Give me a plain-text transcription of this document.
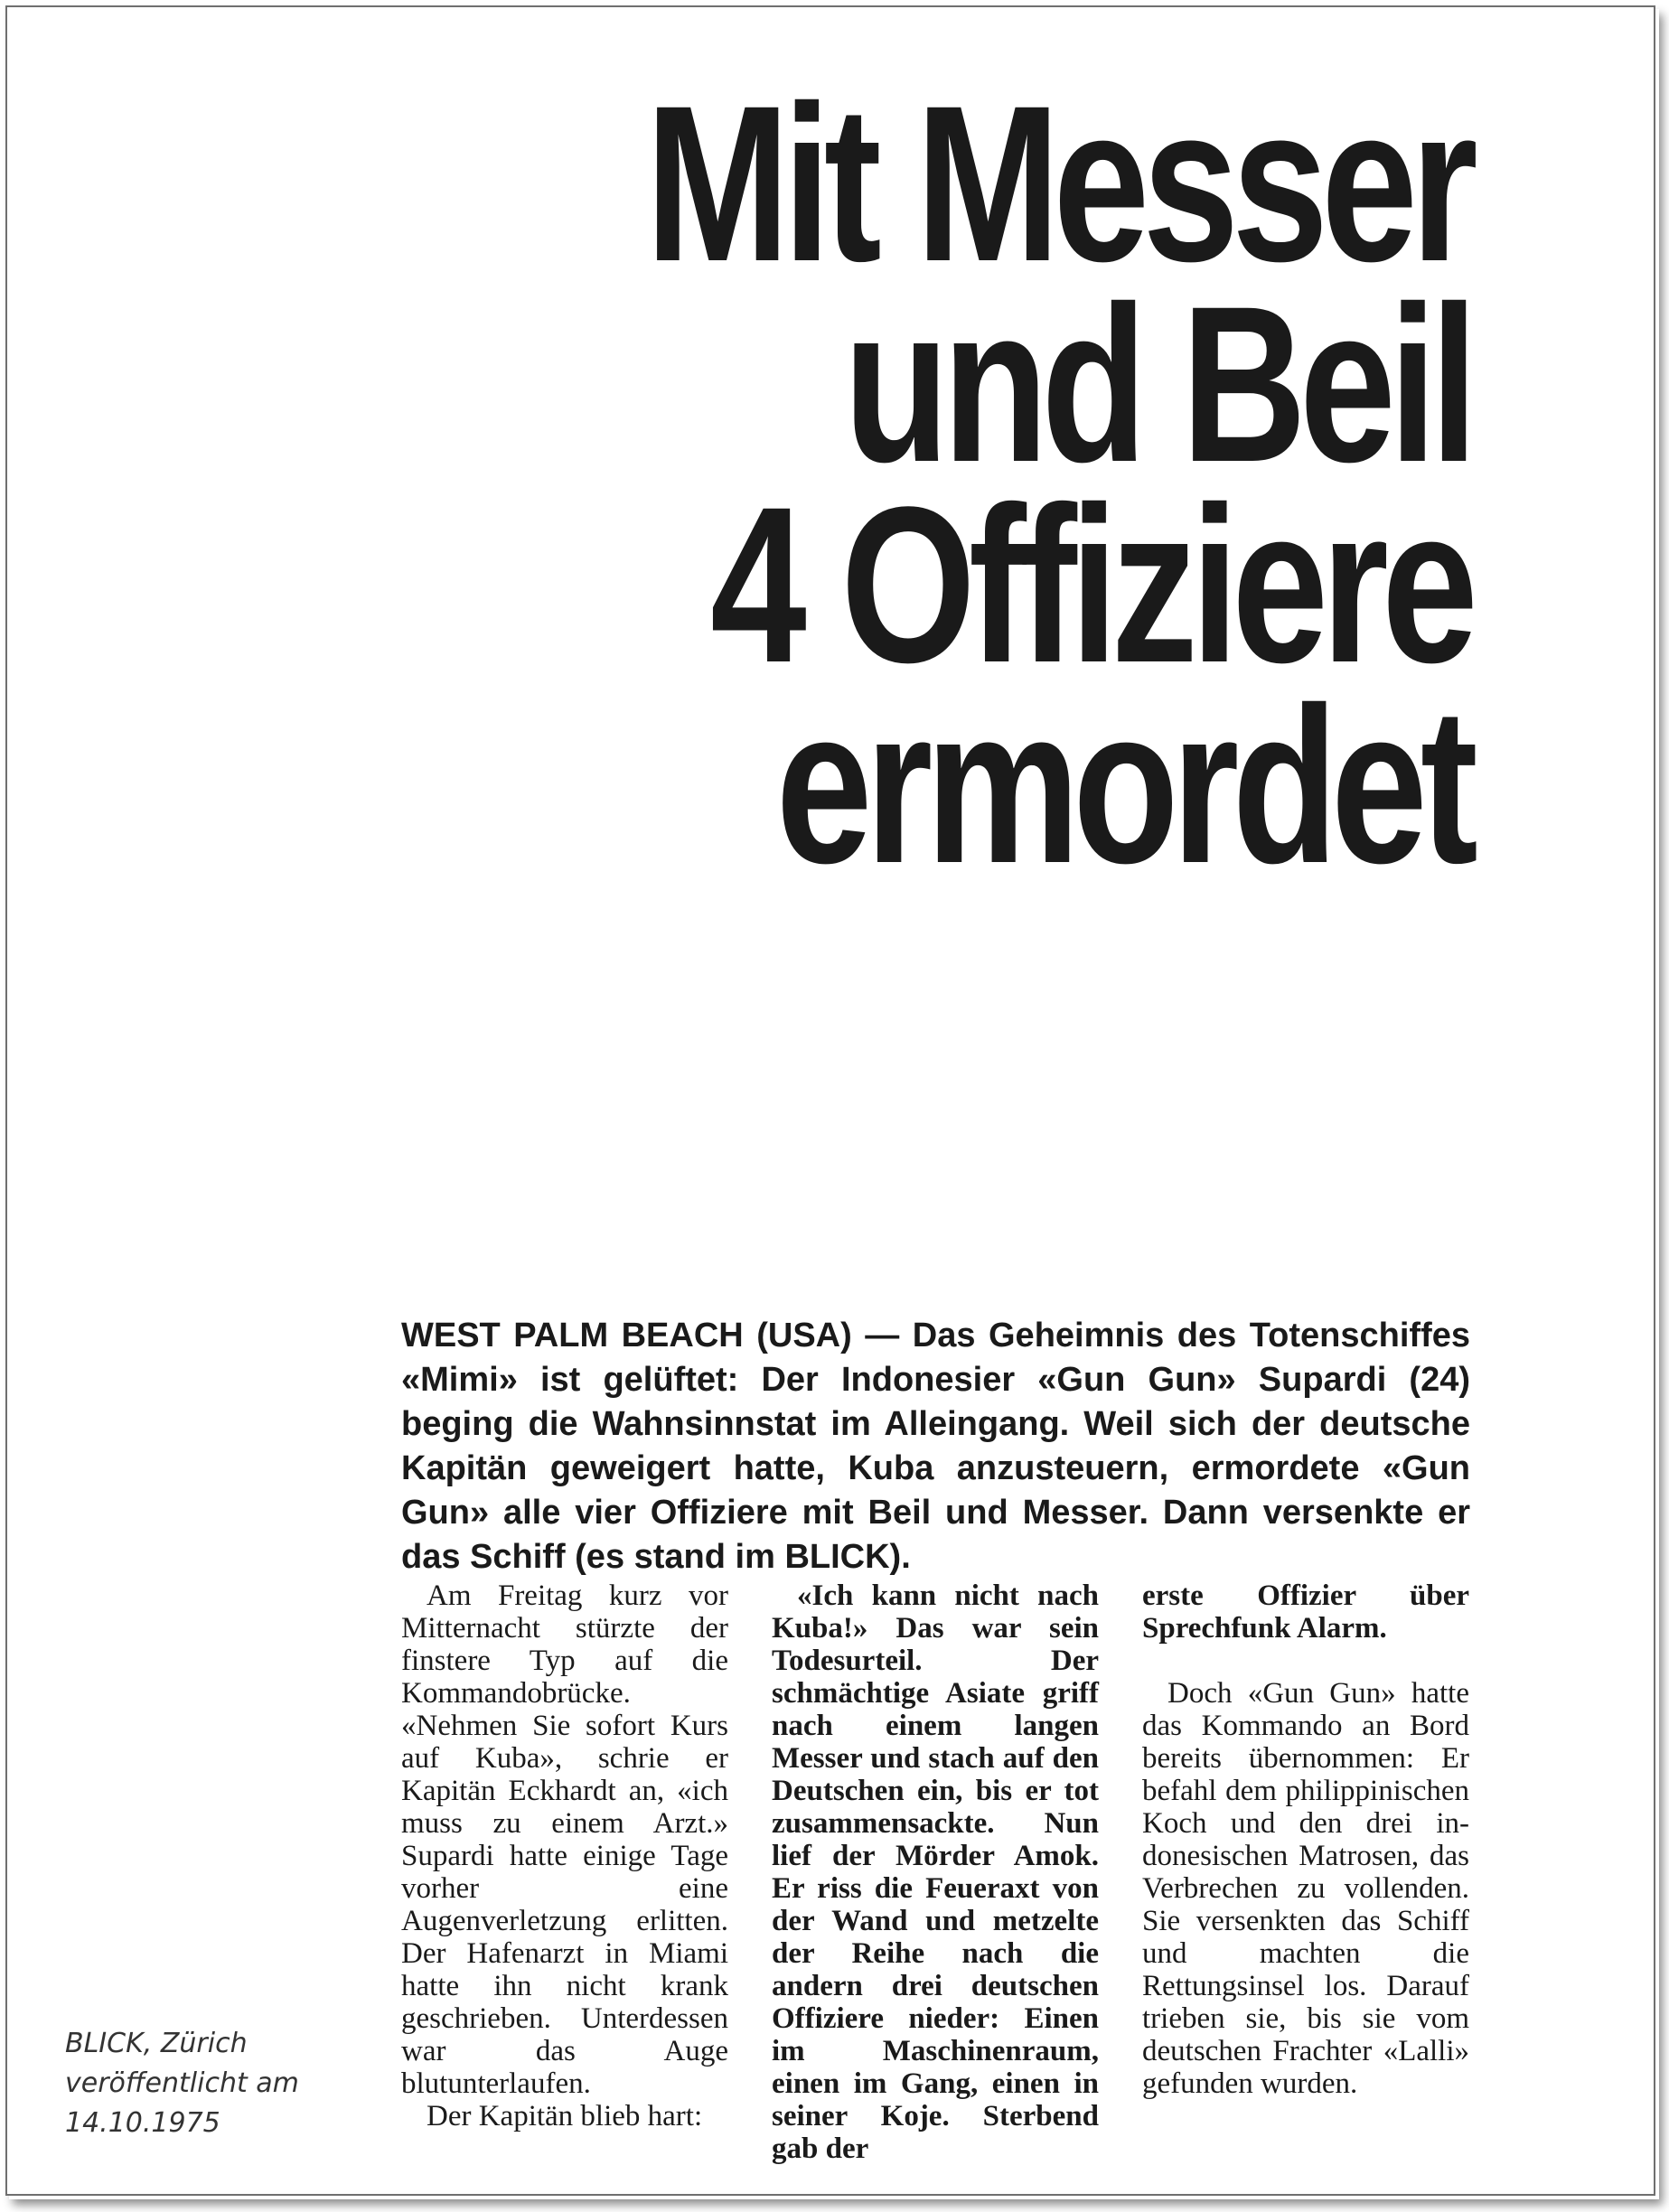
Mit Messer
und Beil
4 Offiziere
ermordet

WEST PALM BEACH (USA) — Das Geheimnis des Totenschiffes «Mimi» ist gelüftet: Der Indonesier «Gun Gun» Supardi (24) beging die Wahnsinnstat im Alleingang. Weil sich der deutsche Kapitän geweigert hatte, Kuba anzusteuern, ermordete «Gun Gun» alle vier Offiziere mit Beil und Messer. Dann versenkte er das Schiff (es stand im BLICK).

Am Freitag kurz vor Mitternacht stürzte der finstere Typ auf die Kommandobrücke. «Nehmen Sie sofort Kurs auf Kuba», schrie er Kapitän Eckhardt an, «ich muss zu einem Arzt.» Supardi hatte einige Tage vorher eine Augenverletzung erlitten. Der Hafenarzt in Miami hatte ihn nicht krank geschrieben. Unterdessen war das Auge blutunterlaufen.

Der Kapitän blieb hart:

«Ich kann nicht nach Kuba!» Das war sein Todesurteil. Der schmächtige Asiate griff nach einem langen Messer und stach auf den Deutschen ein, bis er tot zusammensackte. Nun lief der Mörder Amok. Er riss die Feueraxt von der Wand und metzelte der Reihe nach die andern drei deutschen Offiziere nieder: Einen im Maschinenraum, einen im Gang, einen in seiner Koje. Sterbend gab der

erste Offizier über Sprechfunk Alarm.

Doch «Gun Gun» hatte das Kommando an Bord bereits übernommen: Er befahl dem philippinischen Koch und den drei indonesischen Matrosen, das Verbrechen zu vollenden. Sie versenkten das Schiff und machten die Rettungsinsel los. Darauf trieben sie, bis sie vom deutschen Frachter «Lalli» gefunden wurden.

BLICK, Zürich
veröffentlicht am
14.10.1975
